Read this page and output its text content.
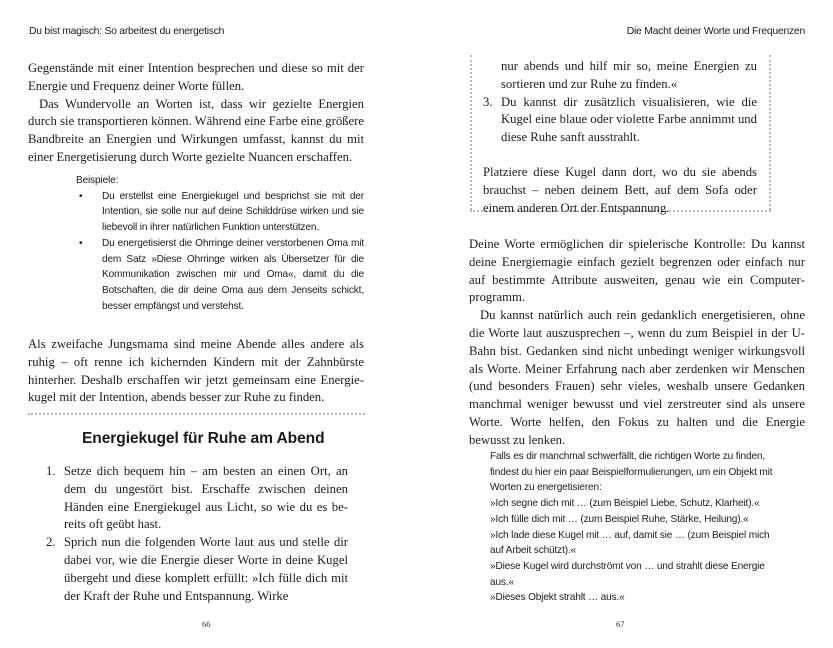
Du bist magisch: So arbeitest du energetisch

Gegenstände mit einer Intention besprechen und diese so mit der Energie und Frequenz deiner Worte füllen.

Das Wundervolle an Worten ist, dass wir gezielte Energien durch sie transportieren können. Während eine Farbe eine größere Bandbreite an Energien und Wirkungen umfasst, kannst du mit einer Energetisierung durch Worte gezielte Nuancen erschaffen.

Beispiele:
• Du erstellst eine Energiekugel und besprichst sie mit der Intention, sie solle nur auf deine Schilddrüse wirken und sie liebevoll in ihrer natürlichen Funktion unterstützen.
• Du energetisierst die Ohrringe deiner verstorbenen Oma mit dem Satz »Diese Ohrringe wirken als Übersetzer für die Kommunikation zwischen mir und Oma«, damit du die Botschaften, die dir deine Oma aus dem Jenseits schickt, besser empfängst und verstehst.

Als zweifache Jungsmama sind meine Abende alles andere als ruhig – oft renne ich kichernden Kindern mit der Zahnbürste hinterher. Deshalb erschaffen wir jetzt gemeinsam eine Energiekugel mit der Intention, abends besser zur Ruhe zu finden.

Energiekugel für Ruhe am Abend
1. Setze dich bequem hin – am besten an einen Ort, an dem du ungestört bist. Erschaffe zwischen deinen Händen eine Energiekugel aus Licht, so wie du es bereits oft geübt hast.
2. Sprich nun die folgenden Worte laut aus und stelle dir dabei vor, wie die Energie dieser Worte in deine Kugel übergeht und diese komplett erfüllt: »Ich fülle dich mit der Kraft der Ruhe und Entspannung. Wirke
66
Die Macht deiner Worte und Frequenzen
nur abends und hilf mir so, meine Energien zu sortieren und zur Ruhe zu finden.«
3. Du kannst dir zusätzlich visualisieren, wie die Kugel eine blaue oder violette Farbe annimmt und diese Ruhe sanft ausstrahlt.

Platziere diese Kugel dann dort, wo du sie abends brauchst – neben deinem Bett, auf dem Sofa oder einem anderen Ort der Entspannung.

Deine Worte ermöglichen dir spielerische Kontrolle: Du kannst deine Energiemagie einfach gezielt begrenzen oder einfach nur auf bestimmte Attribute ausweiten, genau wie ein Computerprogramm.

Du kannst natürlich auch rein gedanklich energetisieren, ohne die Worte laut auszusprechen –, wenn du zum Beispiel in der U-Bahn bist. Gedanken sind nicht unbedingt weniger wirkungsvoll als Worte. Meiner Erfahrung nach aber zerdenken wir Menschen (und besonders Frauen) sehr vieles, weshalb unsere Gedanken manchmal weniger bewusst und viel zerstreuter sind als unsere Worte. Worte helfen, den Fokus zu halten und die Energie bewusst zu lenken.

Falls es dir manchmal schwerfällt, die richtigen Worte zu finden, findest du hier ein paar Beispielformulierungen, um ein Objekt mit Worten zu energetisieren:

»Ich segne dich mit … (zum Beispiel Liebe, Schutz, Klarheit).«

»Ich fülle dich mit … (zum Beispiel Ruhe, Stärke, Heilung).«

»Ich lade diese Kugel mit … auf, damit sie … (zum Beispiel mich auf Arbeit schützt).«

»Diese Kugel wird durchströmt von … und strahlt diese Energie aus.«

»Dieses Objekt strahlt … aus.«

67
